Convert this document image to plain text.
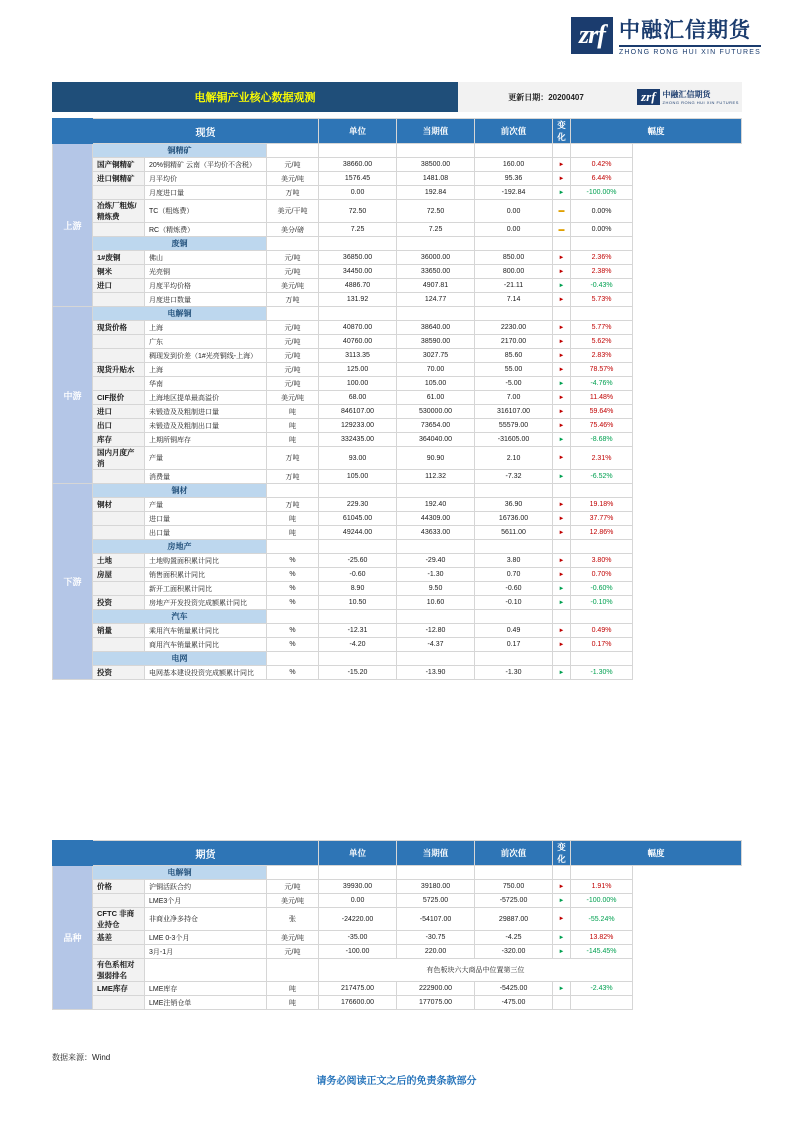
zrf 中融汇信期货
ZHONG RONG HUI XIN FUTURES
电解铜产业核心数据观测	更新日期：20200407	zrf 中融汇信期货
ZHONG RONG HUI XIN FUTURES
	现货			单位	当期值	前次值	变化	幅度
上游	铜精矿							
	国产铜精矿	20%铜精矿 云南（平均价不含税）	元/吨	38660.00	38500.00	160.00	►	0.42%
	进口铜精矿	月平均价	美元/吨	1576.45	1481.08	95.36	►	6.44%
		月度进口量	万吨	0.00	192.84	-192.84	►	-100.00%
	冶炼厂粗炼/精炼费	TC（粗炼费）	美元/干吨	72.50	72.50	0.00	▬	0.00%
		RC（精炼费）	美分/磅	7.25	7.25	0.00	▬	0.00%
	废铜							
	1#废铜	佛山	元/吨	36850.00	36000.00	850.00	►	2.36%
	铜米	光亮铜	元/吨	34450.00	33650.00	800.00	►	2.38%
	进口	月度平均价格	美元/吨	4886.70	4907.81	-21.11	►	-0.43%
		月度进口数量	万吨	131.92	124.77	7.14	►	5.73%
中游	电解铜							
	现货价格	上海	元/吨	40870.00	38640.00	2230.00	►	5.77%
		广东	元/吨	40760.00	38590.00	2170.00	►	5.62%
		稠现发到价差（1#光亮铜线-上海）	元/吨	3113.35	3027.75	85.60	►	2.83%
	现货升贴水	上海	元/吨	125.00	70.00	55.00	►	78.57%
		华南	元/吨	100.00	105.00	-5.00	►	-4.76%
	CIF报价	上海地区提单最高溢价	美元/吨	68.00	61.00	7.00	►	11.48%
	进口	未锻造及及粗制进口量	吨	846107.00	530000.00	316107.00	►	59.64%
	出口	未锻造及及粗制出口量	吨	129233.00	73654.00	55579.00	►	75.46%
	库存	上期所铜库存	吨	332435.00	364040.00	-31605.00	►	-8.68%
	国内月度产消	产量	万吨	93.00	90.90	2.10	►	2.31%
		消费量	万吨	105.00	112.32	-7.32	►	-6.52%
下游	铜材							
	铜材	产量	万吨	229.30	192.40	36.90	►	19.18%
		进口量	吨	61045.00	44309.00	16736.00	►	37.77%
		出口量	吨	49244.00	43633.00	5611.00	►	12.86%
	房地产							
	土地	土地购置面积累计同比	%	-25.60	-29.40	3.80	►	3.80%
	房屋	销售面积累计同比	%	-0.60	-1.30	0.70	►	0.70%
		新开工面积累计同比	%	8.90	9.50	-0.60	►	-0.60%
	投资	房地产开发投资完成额累计同比	%	10.50	10.60	-0.10	►	-0.10%
	汽车							
	销量	乘用汽车销量累计同比	%	-12.31	-12.80	0.49	►	0.49%
		商用汽车销量累计同比	%	-4.20	-4.37	0.17	►	0.17%
	电网							
	投资	电网基本建设投资完成额累计同比	%	-15.20	-13.90	-1.30	►	-1.30%
	期货			单位	当期值	前次值	变化	幅度
品种	电解铜							
	价格	沪铜活跃合约	元/吨	39930.00	39180.00	750.00	►	1.91%
		LME3个月	美元/吨	0.00	5725.00	-5725.00	►	-100.00%
	CFTC 非商业持仓	非商业净多持仓	张	-24220.00	-54107.00	29887.00	►	-55.24%
	基差	LME 0-3个月	美元/吨	-35.00	-30.75	-4.25	►	13.82%
		3月-1月	元/吨	-100.00	220.00	-320.00	►	-145.45%
	有色系相对强弱排名			有色板块六大商品中位置第三位				
	LME库存	LME库存	吨	217475.00	222900.00	-5425.00	►	-2.43%
		LME注销仓单	吨	176600.00	177075.00	-475.00		
数据来源：Wind
请务必阅读正文之后的免责条款部分
